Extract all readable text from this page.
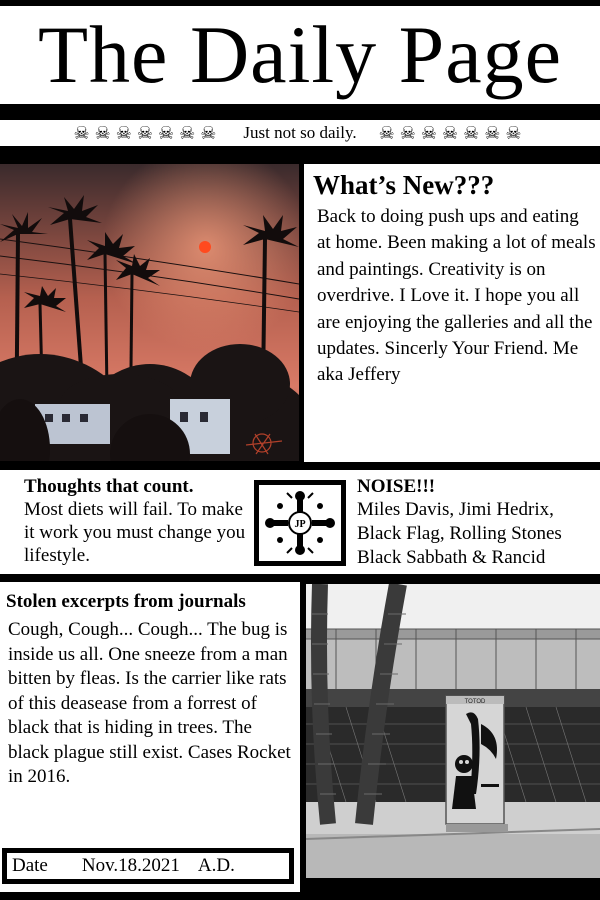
The Daily Page
☠☠☠☠☠☠☠ Just not so daily. ☠☠☠☠☠☠☠
What’s New???

Back to doing push ups and eating at home. Been making a lot of meals and paintings. Creativity is on overdrive. I Love it. I hope you all are enjoying the galleries and all the updates. Sincerly Your Friend. Me aka Jeffery

Thoughts that count.

Most diets will fail. To make it work you must change you lifestyle.

JP
NOISE!!!

Miles Davis, Jimi Hedrix, Black Flag, Rolling Stones Black Sabbath & Rancid

Stolen excerpts from journals

Cough, Cough... Cough... The bug is inside us all. One sneeze from a man bitten by fleas. Is the carrier like rats of this deasease from a forrest of black that is hiding in trees. The black plague still exist. Cases Rocket in 2016.

Date Nov.18.2021 A.D.
TOTOD
